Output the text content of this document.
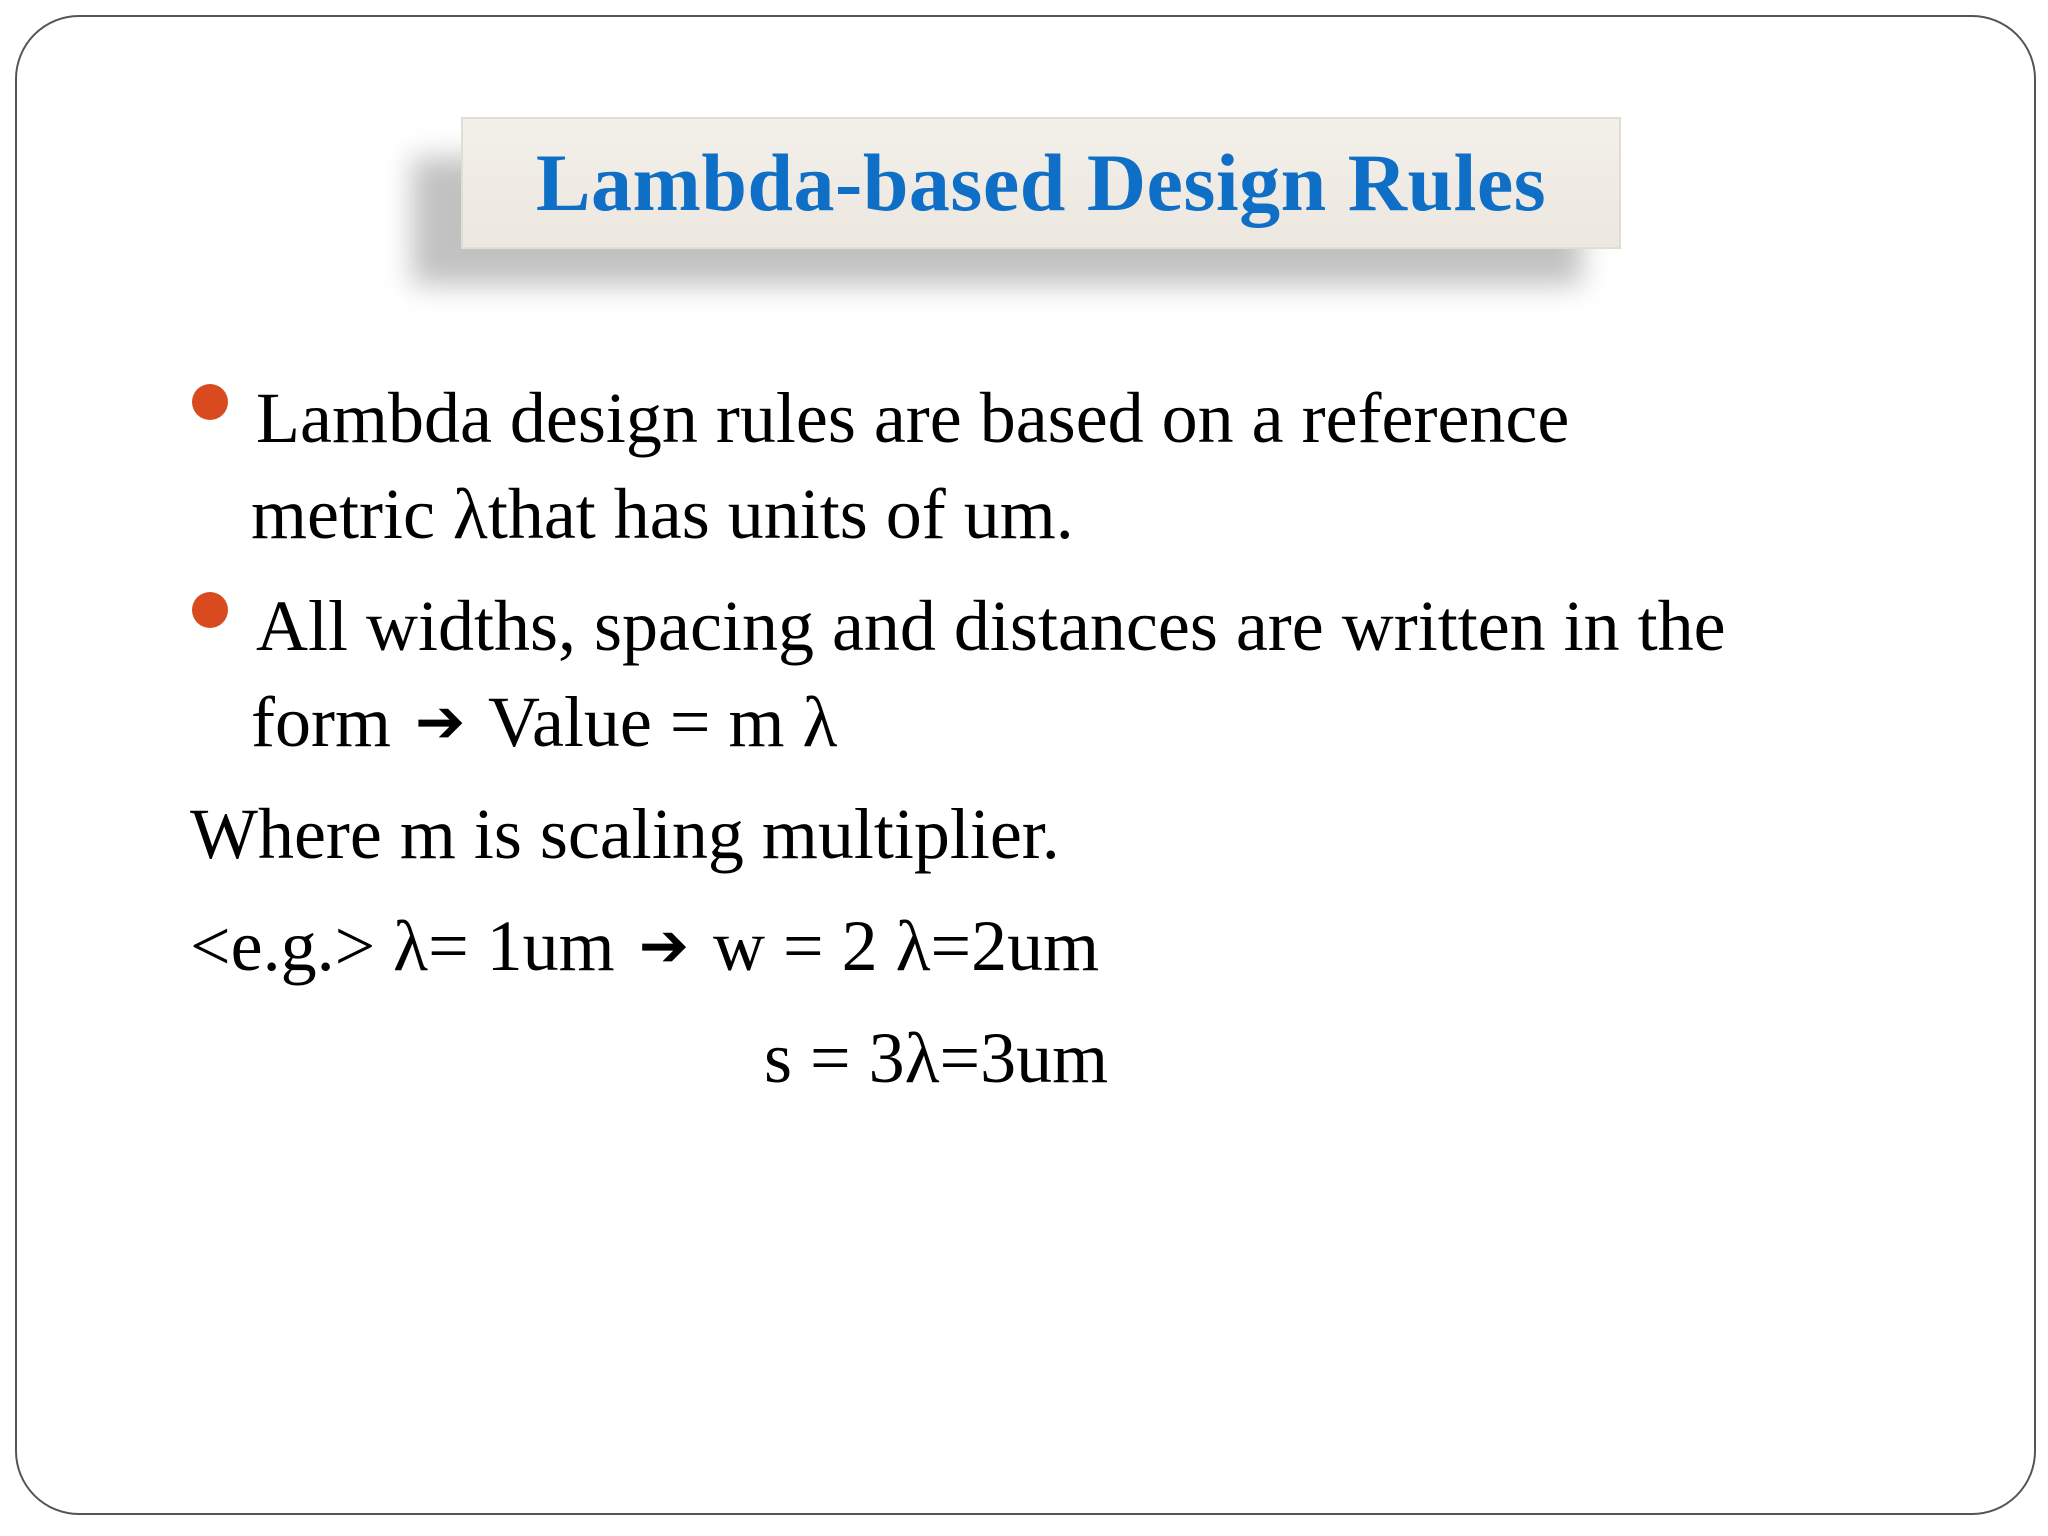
Lambda-based Design Rules
Lambda design rules are based on a reference
metric λthat has units of um.
All widths, spacing and distances are written in the
form ➔ Value = m λ
Where m is scaling multiplier.
<e.g.> λ= 1um ➔ w = 2 λ=2um
s = 3λ=3um
